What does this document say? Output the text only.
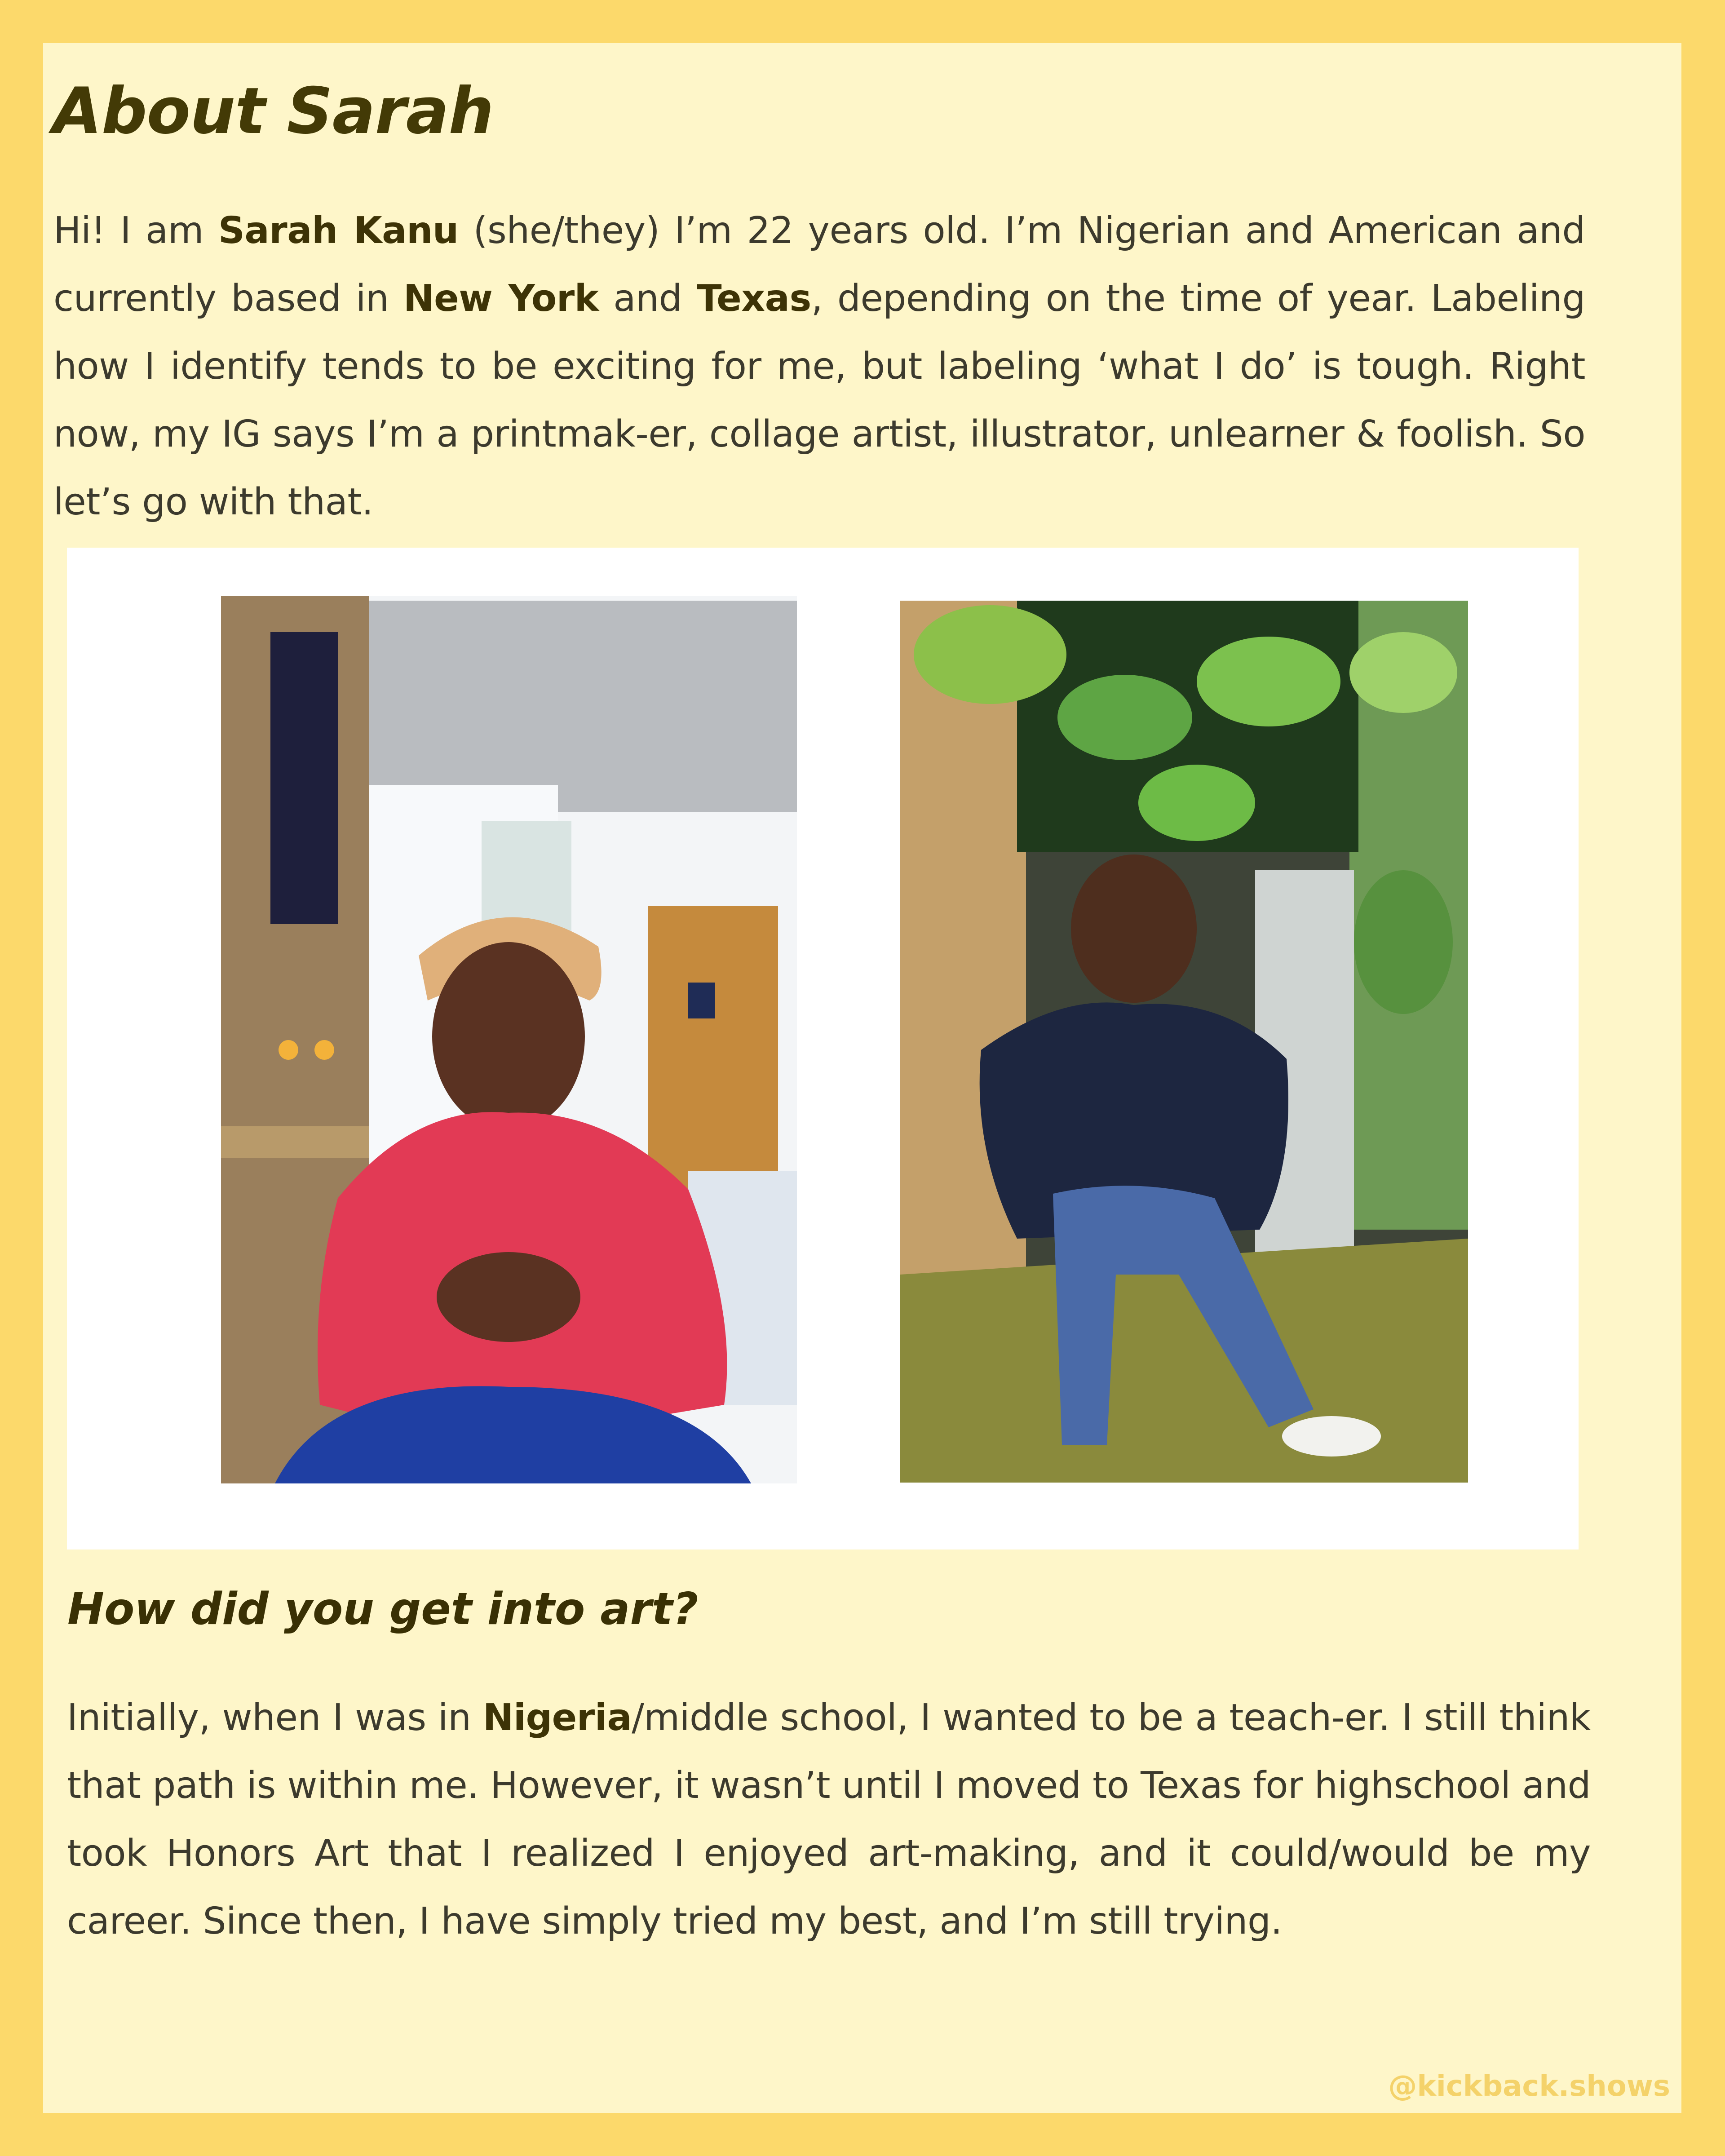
About Sarah

Hi! I am Sarah Kanu (she/they) I’m 22 years old. I’m Nigerian and American and currently based in New York and Texas, depending on the time of year. Labeling how I identify tends to be exciting for me, but labeling ‘what I do’ is tough. Right now, my IG says I’m a printmak-er, collage artist, illustrator, unlearner & foolish. So let’s go with that.

How did you get into art?

Initially, when I was in Nigeria/middle school, I wanted to be a teach-er. I still think that path is within me. However, it wasn’t until I moved to Texas for highschool and took Honors Art that I realized I enjoyed art-making, and it could/would be my career. Since then, I have simply tried my best, and I’m still trying.

@kickback.shows
